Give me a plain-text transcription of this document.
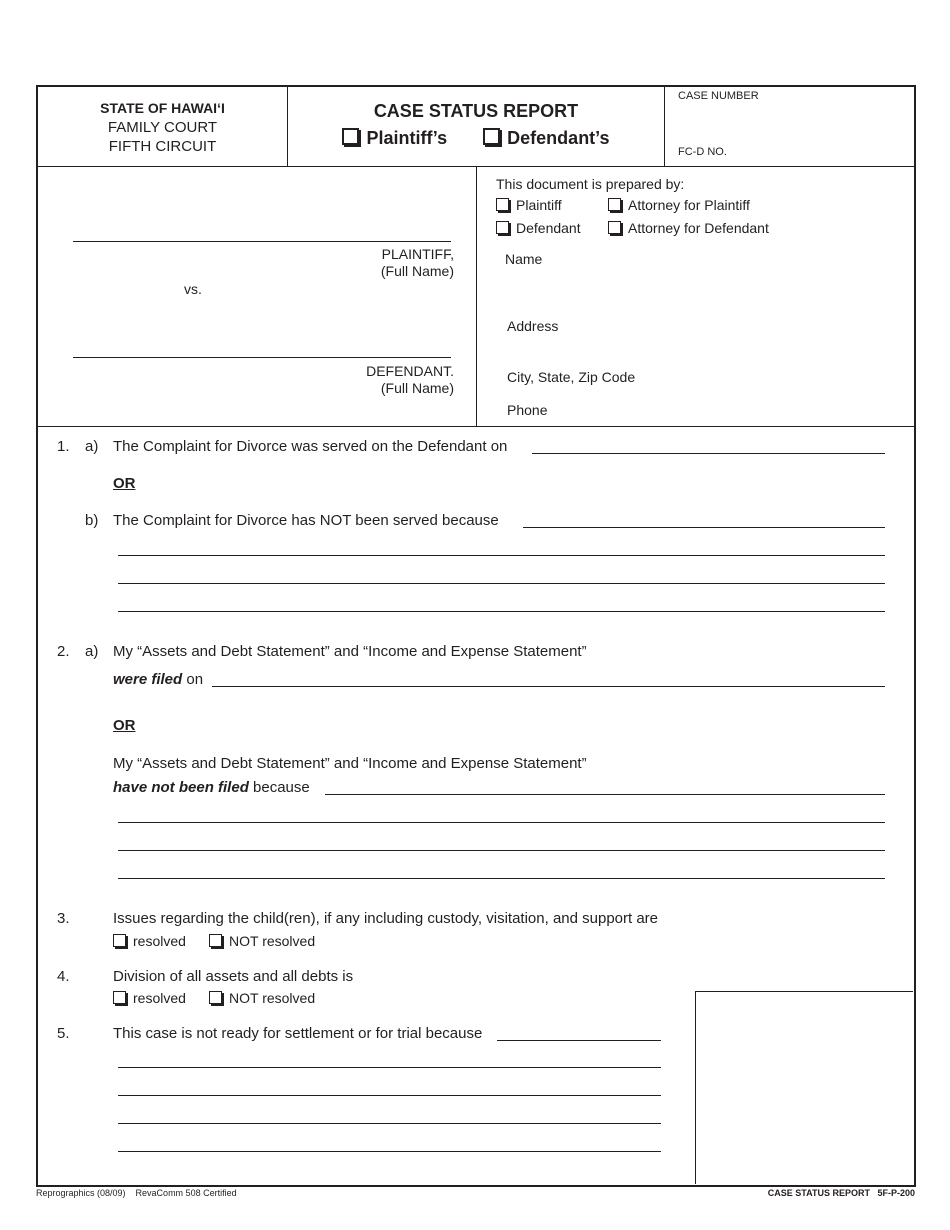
STATE OF HAWAIʻI
FAMILY COURT
FIFTH CIRCUIT
CASE STATUS REPORT
Plaintiff’s	Defendant’s
CASE NUMBER
FC-D NO.
PLAINTIFF,
(Full Name)
vs.
DEFENDANT.
(Full Name)
This document is prepared by:
Plaintiff	Attorney for Plaintiff
Defendant	Attorney for Defendant
Name
Address
City, State, Zip Code
Phone
1. a) The Complaint for Divorce was served on the Defendant on
OR
b) The Complaint for Divorce has NOT been served because
2. a) My “Assets and Debt Statement” and “Income and Expense Statement”
were filed on
OR
My “Assets and Debt Statement” and “Income and Expense Statement”
have not been filed because
3.	Issues regarding the child(ren), if any including custody, visitation, and support are
resolved	NOT resolved
4.	Division of all assets and all debts is
resolved	NOT resolved
5.	This case is not ready for settlement or for trial because
Reprographics (08/09)    RevaComm 508 Certified	CASE STATUS REPORT   5F-P-200
